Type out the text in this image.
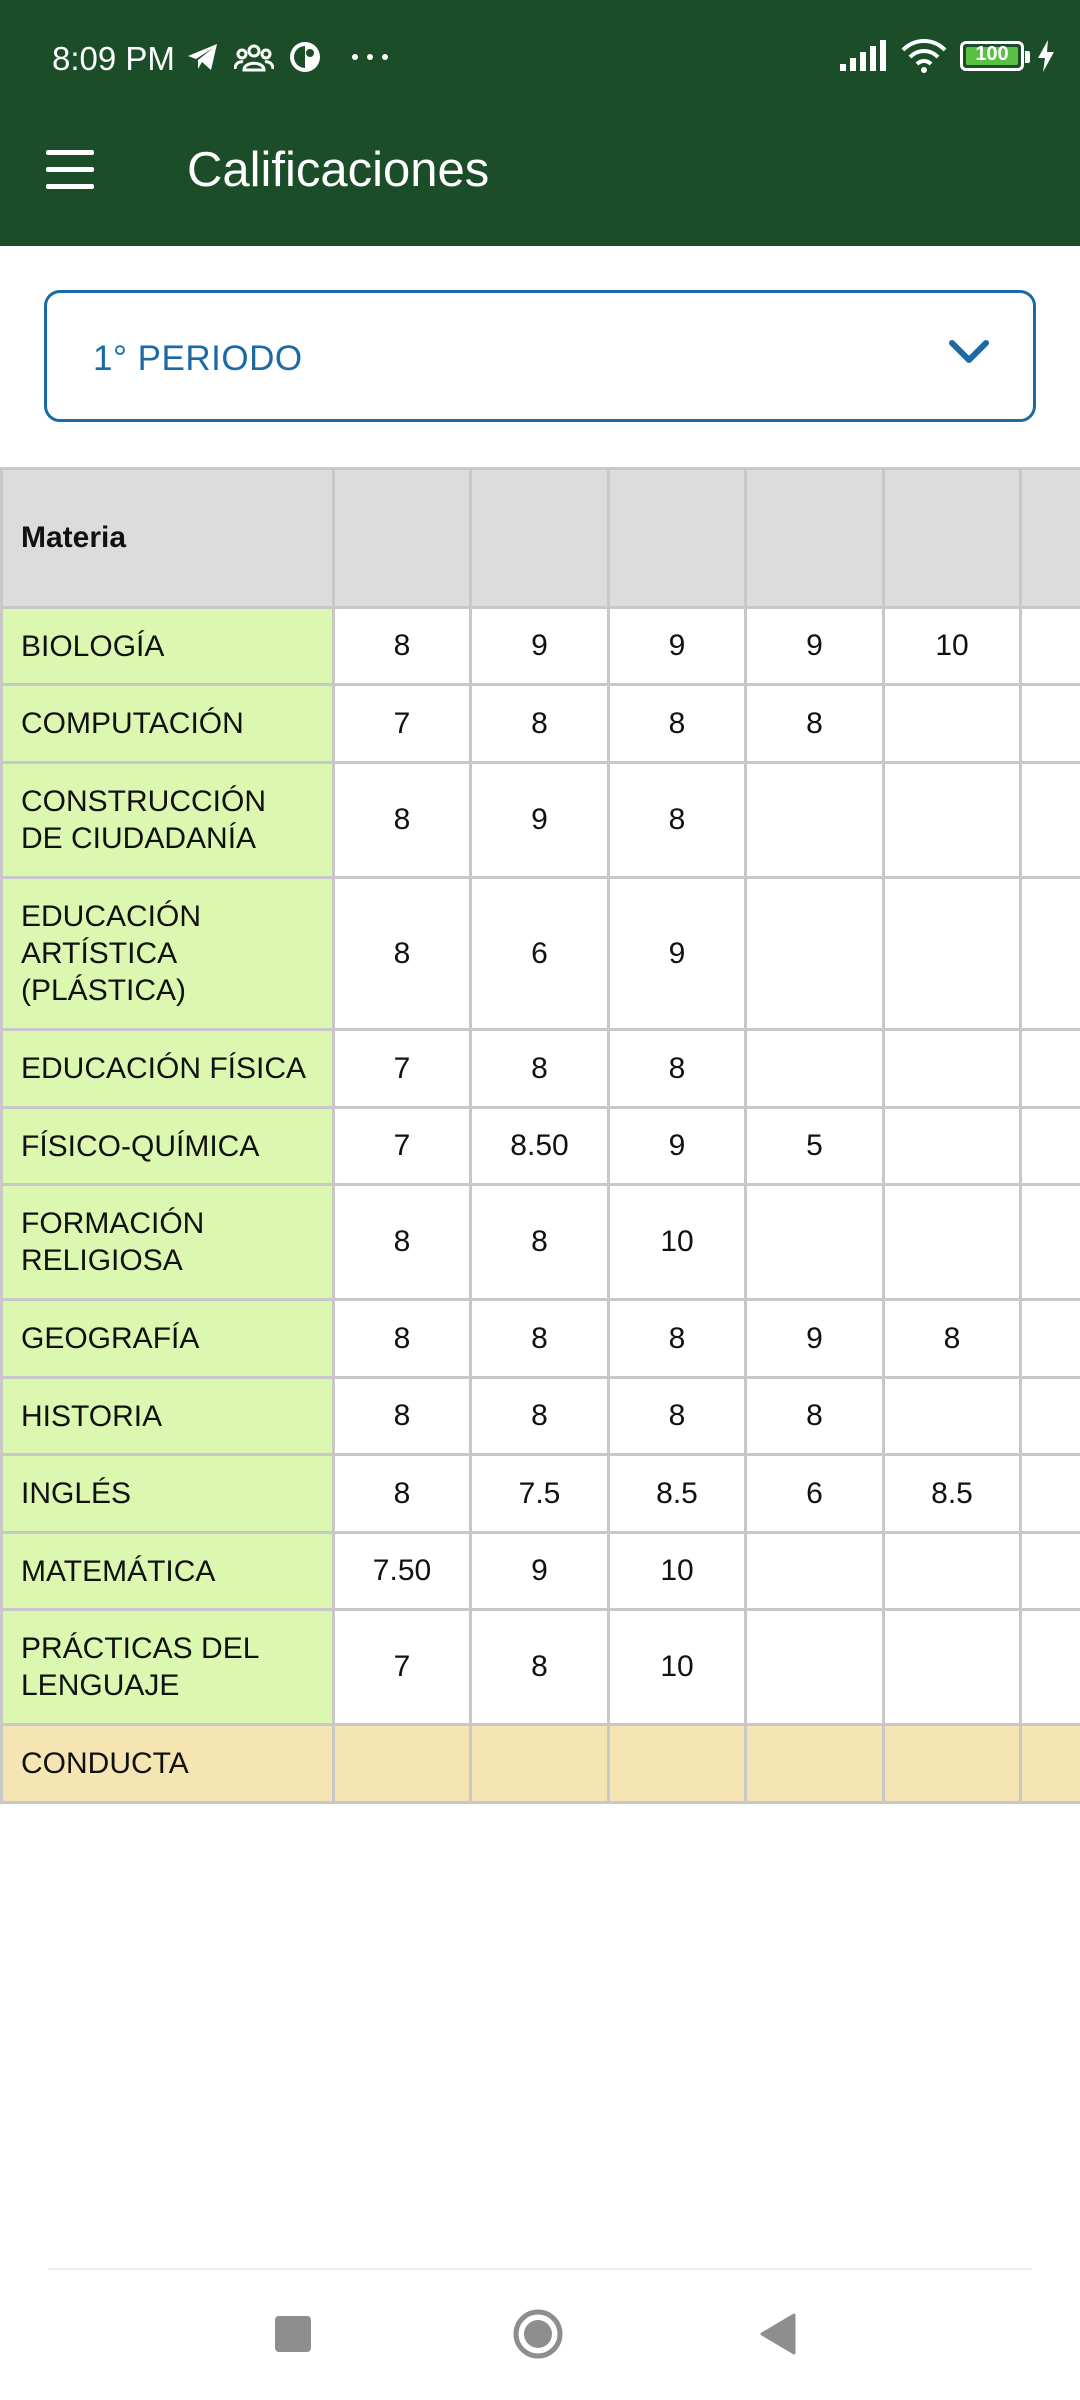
8:09 PM	100
Calificaciones
1° PERIODO
Materia						
BIOLOGÍA	8	9	9	9	10	
COMPUTACIÓN	7	8	8	8		
CONSTRUCCIÓN DE CIUDADANÍA	8	9	8			
EDUCACIÓN ARTÍSTICA (PLÁSTICA)	8	6	9			
EDUCACIÓN FÍSICA	7	8	8			
FÍSICO-QUÍMICA	7	8.50	9	5		
FORMACIÓN RELIGIOSA	8	8	10			
GEOGRAFÍA	8	8	8	9	8	
HISTORIA	8	8	8	8		
INGLÉS	8	7.5	8.5	6	8.5	
MATEMÁTICA	7.50	9	10			
PRÁCTICAS DEL LENGUAJE	7	8	10			
CONDUCTA						
